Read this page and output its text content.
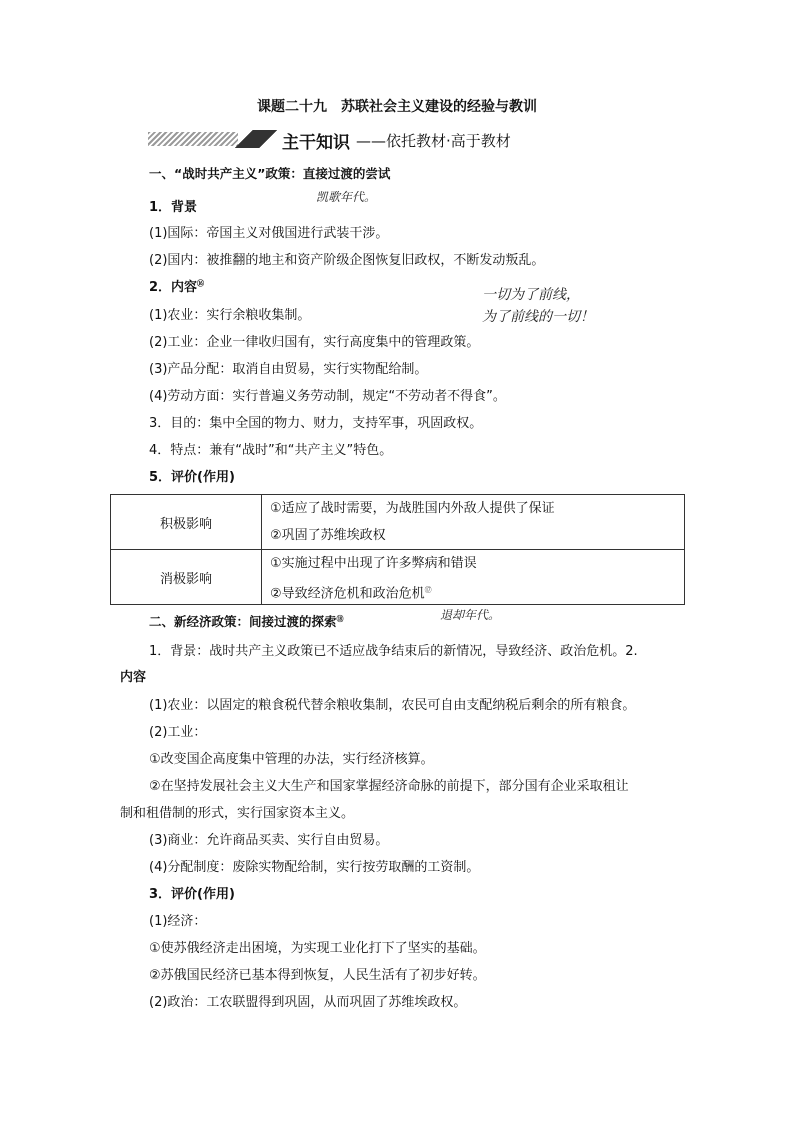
课题二十九　苏联社会主义建设的经验与教训
主干知识 ——依托教材·高于教材
一、“战时共产主义”政策：直接过渡的尝试
凯歌年代。
1．背景
(1)国际：帝国主义对俄国进行武装干涉。
(2)国内：被推翻的地主和资产阶级企图恢复旧政权，不断发动叛乱。
2．内容⑯
一切为了前线，
为了前线的一切！
(1)农业：实行余粮收集制。
(2)工业：企业一律收归国有，实行高度集中的管理政策。
(3)产品分配：取消自由贸易，实行实物配给制。
(4)劳动方面：实行普遍义务劳动制，规定“不劳动者不得食”。
3．目的：集中全国的物力、财力，支持军事，巩固政权。
4．特点：兼有“战时”和“共产主义”特色。
5．评价(作用)
积极影响	①适应了战时需要，为战胜国内外敌人提供了保证
②巩固了苏维埃政权

消极影响	①实施过程中出现了许多弊病和错误
②导致经济危机和政治危机⑰
二、新经济政策：间接过渡的探索⑱	退却年代。
1．背景：战时共产主义政策已不适应战争结束后的新情况，导致经济、政治危机。2.
内容
(1)农业：以固定的粮食税代替余粮收集制，农民可自由支配纳税后剩余的所有粮食。
(2)工业：
①改变国企高度集中管理的办法，实行经济核算。
②在坚持发展社会主义大生产和国家掌握经济命脉的前提下，部分国有企业采取租让
制和租借制的形式，实行国家资本主义。
(3)商业：允许商品买卖、实行自由贸易。
(4)分配制度：废除实物配给制，实行按劳取酬的工资制。
3．评价(作用)
(1)经济：
①使苏俄经济走出困境，为实现工业化打下了坚实的基础。
②苏俄国民经济已基本得到恢复，人民生活有了初步好转。
(2)政治：工农联盟得到巩固，从而巩固了苏维埃政权。
